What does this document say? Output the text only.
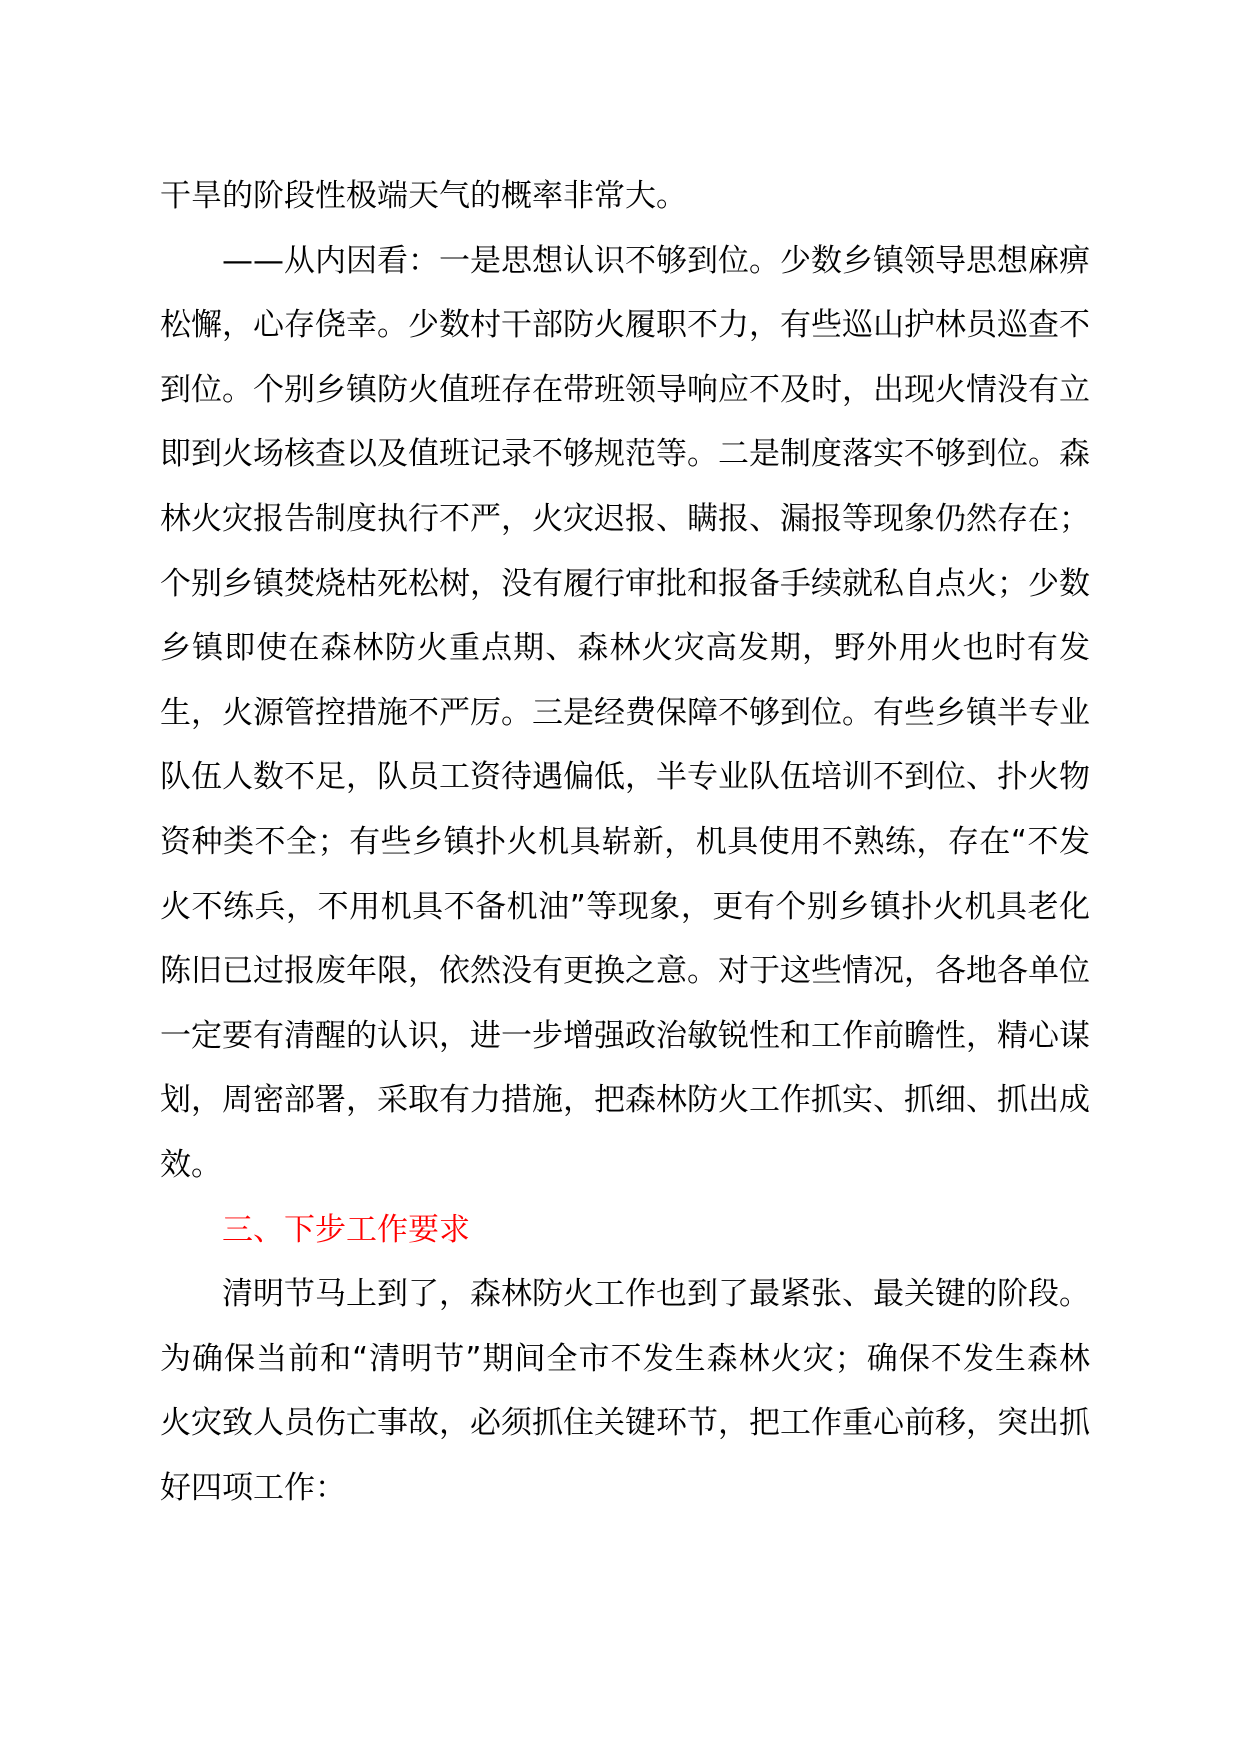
干旱的阶段性极端天气的概率非常大。

——从内因看：一是思想认识不够到位。少数乡镇领导思想麻痹松懈，心存侥幸。少数村干部防火履职不力，有些巡山护林员巡查不到位。个别乡镇防火值班存在带班领导响应不及时，出现火情没有立即到火场核查以及值班记录不够规范等。二是制度落实不够到位。森林火灾报告制度执行不严，火灾迟报、瞒报、漏报等现象仍然存在；个别乡镇焚烧枯死松树，没有履行审批和报备手续就私自点火；少数乡镇即使在森林防火重点期、森林火灾高发期，野外用火也时有发生，火源管控措施不严厉。三是经费保障不够到位。有些乡镇半专业队伍人数不足，队员工资待遇偏低，半专业队伍培训不到位、扑火物资种类不全；有些乡镇扑火机具崭新，机具使用不熟练，存在“不发火不练兵，不用机具不备机油”等现象，更有个别乡镇扑火机具老化陈旧已过报废年限，依然没有更换之意。对于这些情况，各地各单位一定要有清醒的认识，进一步增强政治敏锐性和工作前瞻性，精心谋划，周密部署，采取有力措施，把森林防火工作抓实、抓细、抓出成效。

三、下步工作要求

清明节马上到了，森林防火工作也到了最紧张、最关键的阶段。为确保当前和“清明节”期间全市不发生森林火灾；确保不发生森林火灾致人员伤亡事故，必须抓住关键环节，把工作重心前移，突出抓好四项工作：
